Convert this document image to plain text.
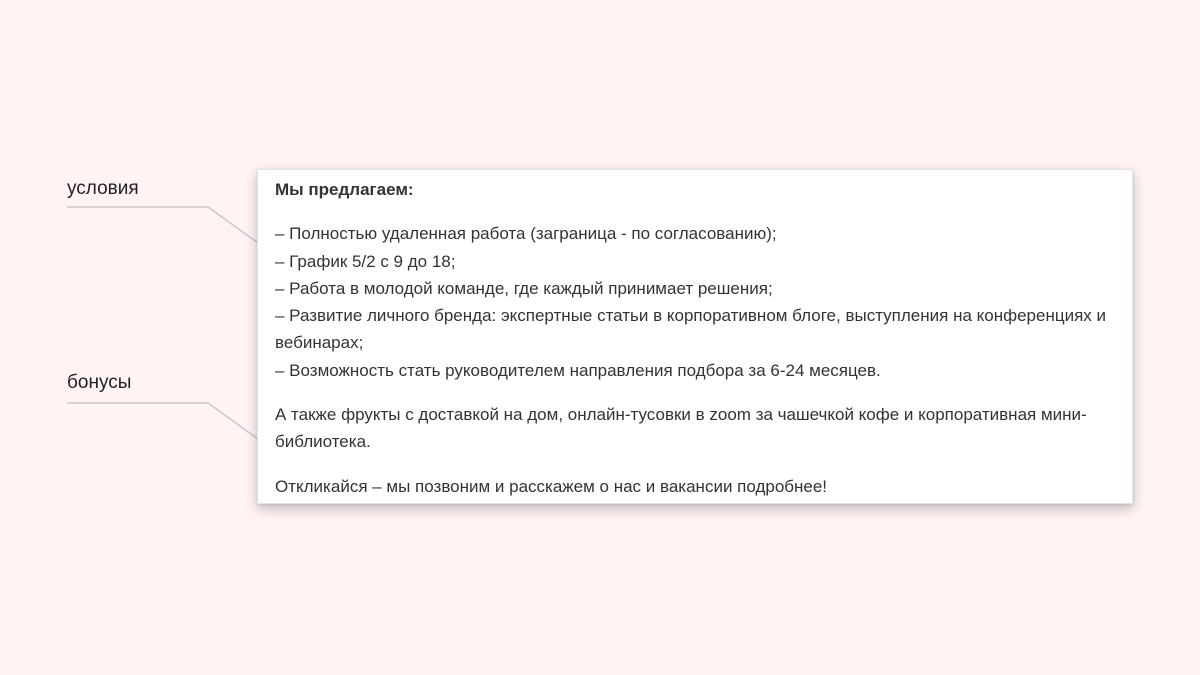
условия
бонусы

Мы предлагаем:

– Полностью удаленная работа (заграница - по согласованию);
– График 5/2 с 9 до 18;
– Работа в молодой команде, где каждый принимает решения;
– Развитие личного бренда: экспертные статьи в корпоративном блоге, выступления на конференциях и вебинарах;
– Возможность стать руководителем направления подбора за 6-24 месяцев.

А также фрукты с доставкой на дом, онлайн-тусовки в zoom за чашечкой кофе и корпоративная мини-библиотека.

Откликайся – мы позвоним и расскажем о нас и вакансии подробнее!
